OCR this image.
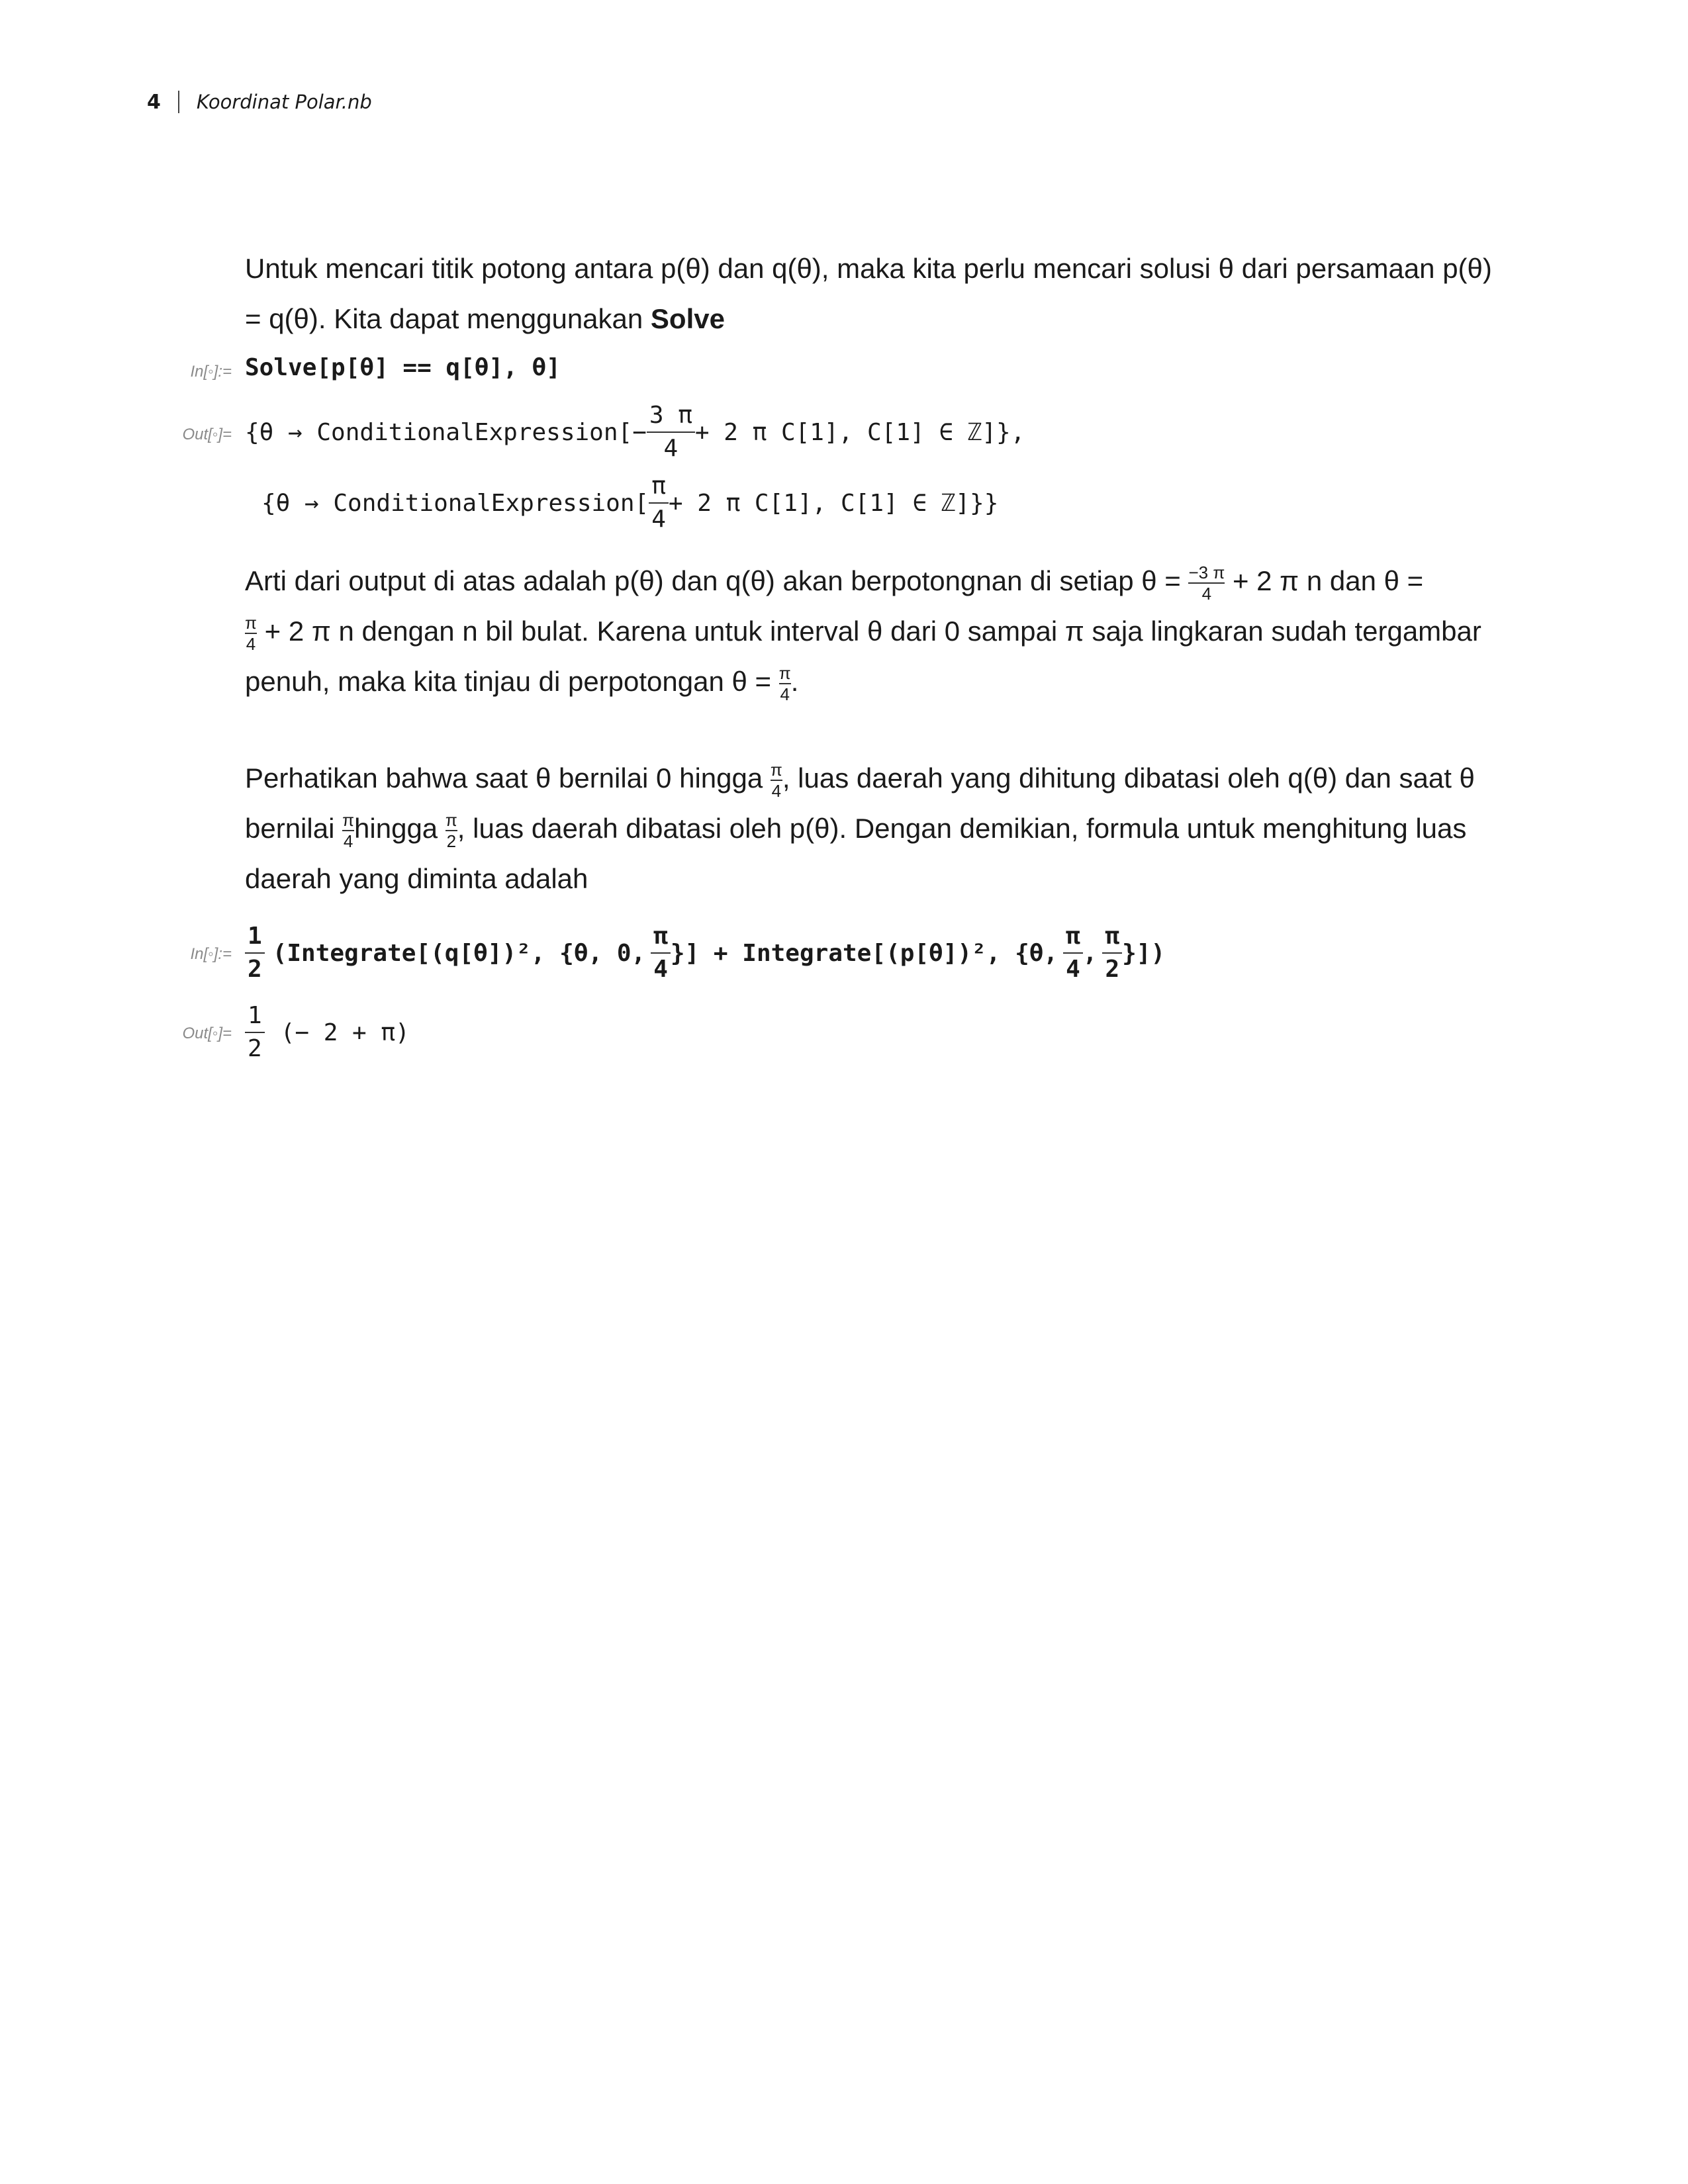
4 Koordinat Polar.nb
Untuk mencari titik potong antara p(θ) dan q(θ), maka kita perlu mencari solusi θ dari persamaan p(θ)
= q(θ). Kita dapat menggunakan Solve
In[◦]:= Solve[p[θ] == q[θ], θ]
Out[◦]= {θ → ConditionalExpression[− $\frac{3 \pi}{4} + 2$ π C[1], C[1] ∈ ℤ]},
{θ → ConditionalExpression[ $\frac{\pi}{4} + 2$ π C[1], C[1] ∈ ℤ]}}
Arti dari output di atas adalah p(θ) dan q(θ) akan berpotongnan di setiap $\theta = \frac{-3 \pi}{4} + 2$ π n dan θ =
$\frac{\pi}{4} + 2$ π n dengan n bil bulat. Karena untuk interval θ dari 0 sampai π saja lingkaran sudah tergambar
penuh, maka kita tinjau di perpotongan $\theta = \frac{\pi}{4}$ .
Perhatikan bahwa saat θ bernilai 0 hingga $\frac{\pi}{4}$ , luas daerah yang dihitung dibatasi oleh q(θ) dan saat θ
bernilai $\frac{\pi}{4}$ hingga $\frac{\pi}{2}$ , luas daerah dibatasi oleh p(θ). Dengan demikian, formula untuk menghitung luas
daerah yang diminta adalah
In[◦]:= $\frac{1}{2}$ (Integrate[(q[θ])², {θ, 0, $\frac{\pi}{4}$ }] + Integrate[(p[θ])², {θ, $\frac{\pi}{4}$ , $\frac{\pi}{2}$ }])
Out[◦]= $\frac{1}{2}$ (− 2 + π)
